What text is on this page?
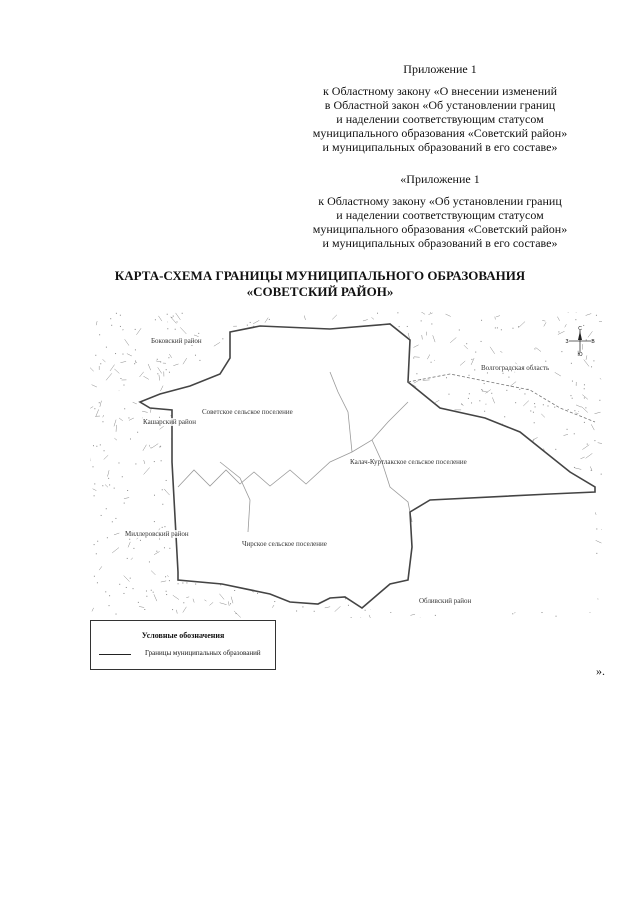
Приложение 1
к Областному закону «О внесении изменений
в Областной закон «Об установлении границ
и наделении соответствующим статусом
муниципального образования «Советский район»
и муниципальных образований в его составе»
«Приложение 1
к Областному закону «Об установлении границ
и наделении соответствующим статусом
муниципального образования «Советский район»
и муниципальных образований в его составе»
КАРТА-СХЕМА ГРАНИЦЫ МУНИЦИПАЛЬНОГО ОБРАЗОВАНИЯ
«СОВЕТСКИЙ РАЙОН»
Боковский район
Кашарский район
Миллеровский район
Обливский район
Волгоградская область
Советское сельское поселение
Калач-Куртлакское сельское поселение
Чирское сельское поселение
С
Ю
З	В
Условные обозначения
Границы муниципальных образований
».
